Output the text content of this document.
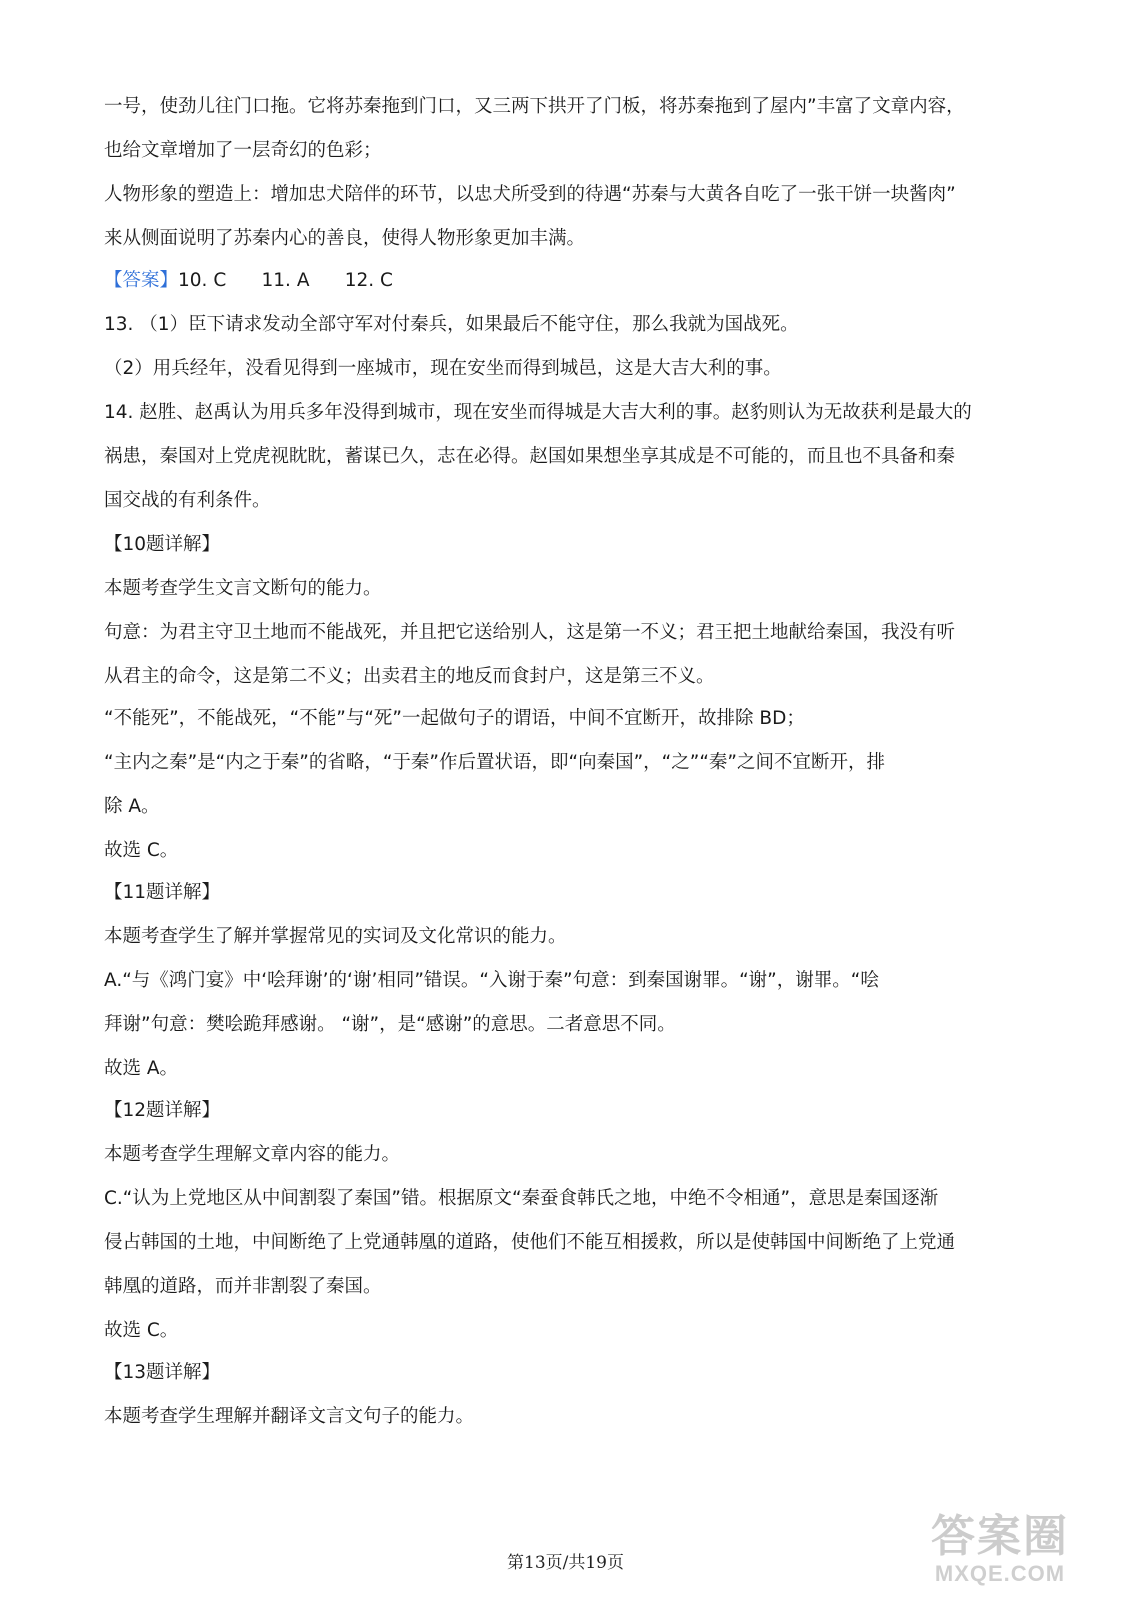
一号，使劲儿往门口拖。它将苏秦拖到门口，又三两下拱开了门板，将苏秦拖到了屋内”丰富了文章内容，
也给文章增加了一层奇幻的色彩；
人物形象的塑造上：增加忠犬陪伴的环节，以忠犬所受到的待遇“苏秦与大黄各自吃了一张干饼一块酱肉”
来从侧面说明了苏秦内心的善良，使得人物形象更加丰满。
【答案】10. C      11. A      12. C
13. （1）臣下请求发动全部守军对付秦兵，如果最后不能守住，那么我就为国战死。
（2）用兵经年，没看见得到一座城市，现在安坐而得到城邑，这是大吉大利的事。
14. 赵胜、赵禹认为用兵多年没得到城市，现在安坐而得城是大吉大利的事。赵豹则认为无故获利是最大的
祸患，秦国对上党虎视眈眈，蓄谋已久，志在必得。赵国如果想坐享其成是不可能的，而且也不具备和秦
国交战的有利条件。
【10题详解】
本题考查学生文言文断句的能力。
句意：为君主守卫土地而不能战死，并且把它送给别人，这是第一不义；君王把土地献给秦国，我没有听
从君主的命令，这是第二不义；出卖君主的地反而食封户，这是第三不义。
“不能死”，不能战死，“不能”与“死”一起做句子的谓语，中间不宜断开，故排除 BD；
“主内之秦”是“内之于秦”的省略，“于秦”作后置状语，即“向秦国”，“之”“秦”之间不宜断开，排
除 A。
故选 C。
【11题详解】
本题考查学生了解并掌握常见的实词及文化常识的能力。
A.“与《鸿门宴》中‘哙拜谢’的‘谢’相同”错误。“入谢于秦”句意：到秦国谢罪。“谢”，谢罪。“哙
拜谢”句意：樊哙跪拜感谢。 “谢”，是“感谢”的意思。二者意思不同。
故选 A。
【12题详解】
本题考查学生理解文章内容的能力。
C.“认为上党地区从中间割裂了秦国”错。根据原文“秦蚕食韩氏之地，中绝不令相通”，意思是秦国逐渐
侵占韩国的土地，中间断绝了上党通韩凰的道路，使他们不能互相援救，所以是使韩国中间断绝了上党通
韩凰的道路，而并非割裂了秦国。
故选 C。
【13题详解】
本题考查学生理解并翻译文言文句子的能力。
第13页/共19页
答案圈
MXQE.COM
